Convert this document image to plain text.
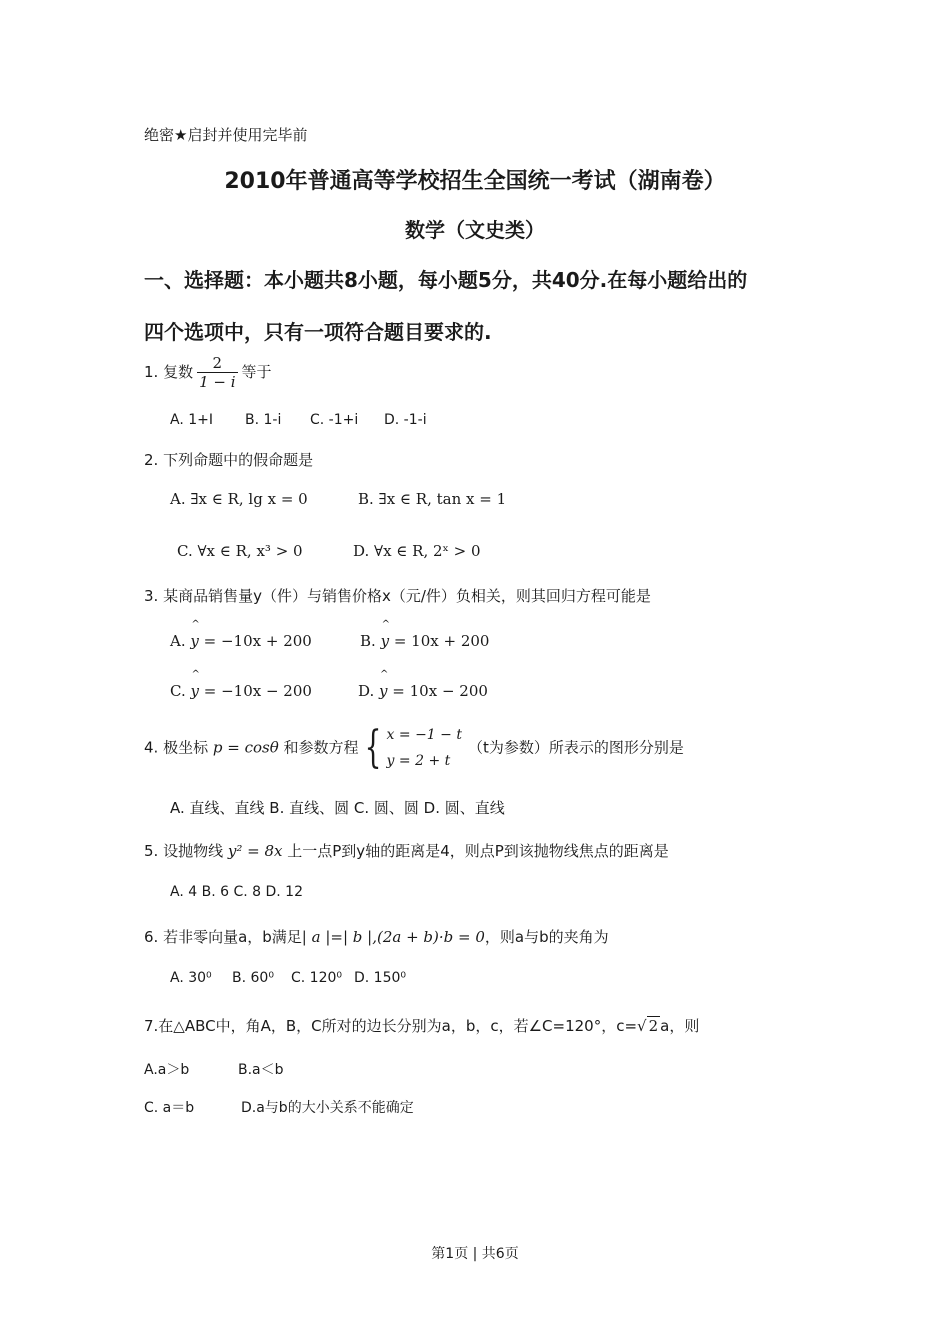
绝密★启封并使用完毕前
2010年普通高等学校招生全国统一考试（湖南卷）
数学（文史类）
一、选择题：本小题共8小题，每小题5分，共40分.在每小题给出的
四个选项中，只有一项符合题目要求的.
1. 复数 $\frac{2}{1 - i}$ 等于
A. 1+I B. 1-i C. -1+i D. -1-i
2. 下列命题中的假命题是
A. ∃x ∈ R, lg x = 0	B. ∃x ∈ R, tan x = 1
C. ∀x ∈ R, x³ > 0	D. ∀x ∈ R, 2ˣ > 0
3. 某商品销售量y（件）与销售价格x（元/件）负相关，则其回归方程可能是
A. ^ y = −10x + 200	B. ^ y = 10x + 200
C. ^ y = −10x − 200	D. ^ y = 10x − 200
4. 极坐标 p = cosθ 和参数方程 { x = −1 − t
y = 2 + t
（t为参数）所表示的图形分别是
A. 直线、直线 B. 直线、圆 C. 圆、圆 D. 圆、直线
5. 设抛物线 y² = 8x 上一点P到y轴的距离是4，则点P到该抛物线焦点的距离是
A. 4 B. 6 C. 8 D. 12
6. 若非零向量a，b满足| a |=| b |,(2a + b)·b = 0，则a与b的夹角为
A. 30⁰ B. 60⁰ C. 120⁰ D. 150⁰
7.在△ABC中，角A，B，C所对的边长分别为a，b，c，若∠C=120°，c=√ 2 a，则
A.a＞b	B.a＜b
C. a＝b	D.a与b的大小关系不能确定
第1页 | 共6页
